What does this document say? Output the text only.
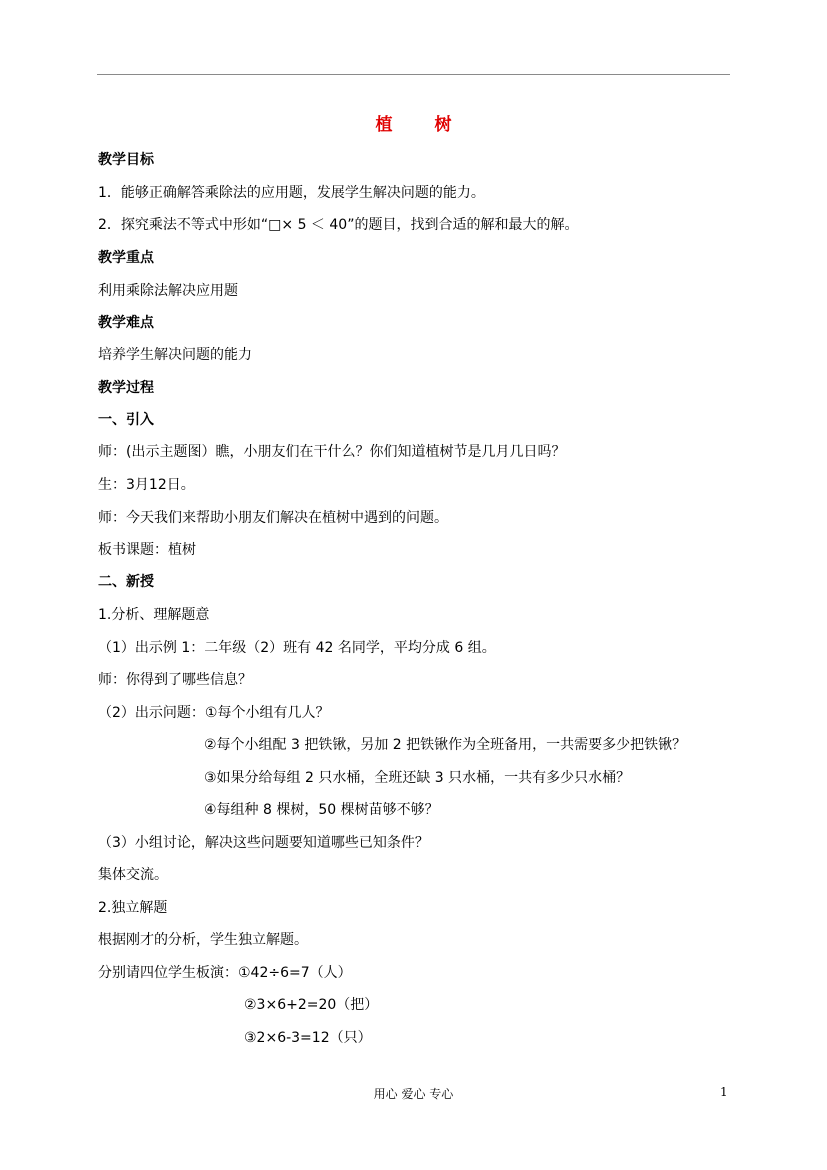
植 树
教学目标
1．能够正确解答乘除法的应用题，发展学生解决问题的能力。
2．探究乘法不等式中形如“□× 5 ＜ 40”的题目，找到合适的解和最大的解。
教学重点
利用乘除法解决应用题
教学难点
培养学生解决问题的能力
教学过程
一、引入
师：(出示主题图）瞧，小朋友们在干什么？你们知道植树节是几月几日吗？
生：3月12日。
师：今天我们来帮助小朋友们解决在植树中遇到的问题。
板书课题：植树
二、新授
1.分析、理解题意
（1）出示例 1：二年级（2）班有 42 名同学，平均分成 6 组。
师：你得到了哪些信息？
（2）出示问题：①每个小组有几人？
②每个小组配 3 把铁锹，另加 2 把铁锹作为全班备用，一共需要多少把铁锹？
③如果分给每组 2 只水桶，全班还缺 3 只水桶，一共有多少只水桶？
④每组种 8 棵树，50 棵树苗够不够？
（3）小组讨论，解决这些问题要知道哪些已知条件？
集体交流。
2.独立解题
根据刚才的分析，学生独立解题。
分别请四位学生板演：①42÷6=7（人）
②3×6+2=20（把）
③2×6-3=12（只）
用心 爱心 专心	1
